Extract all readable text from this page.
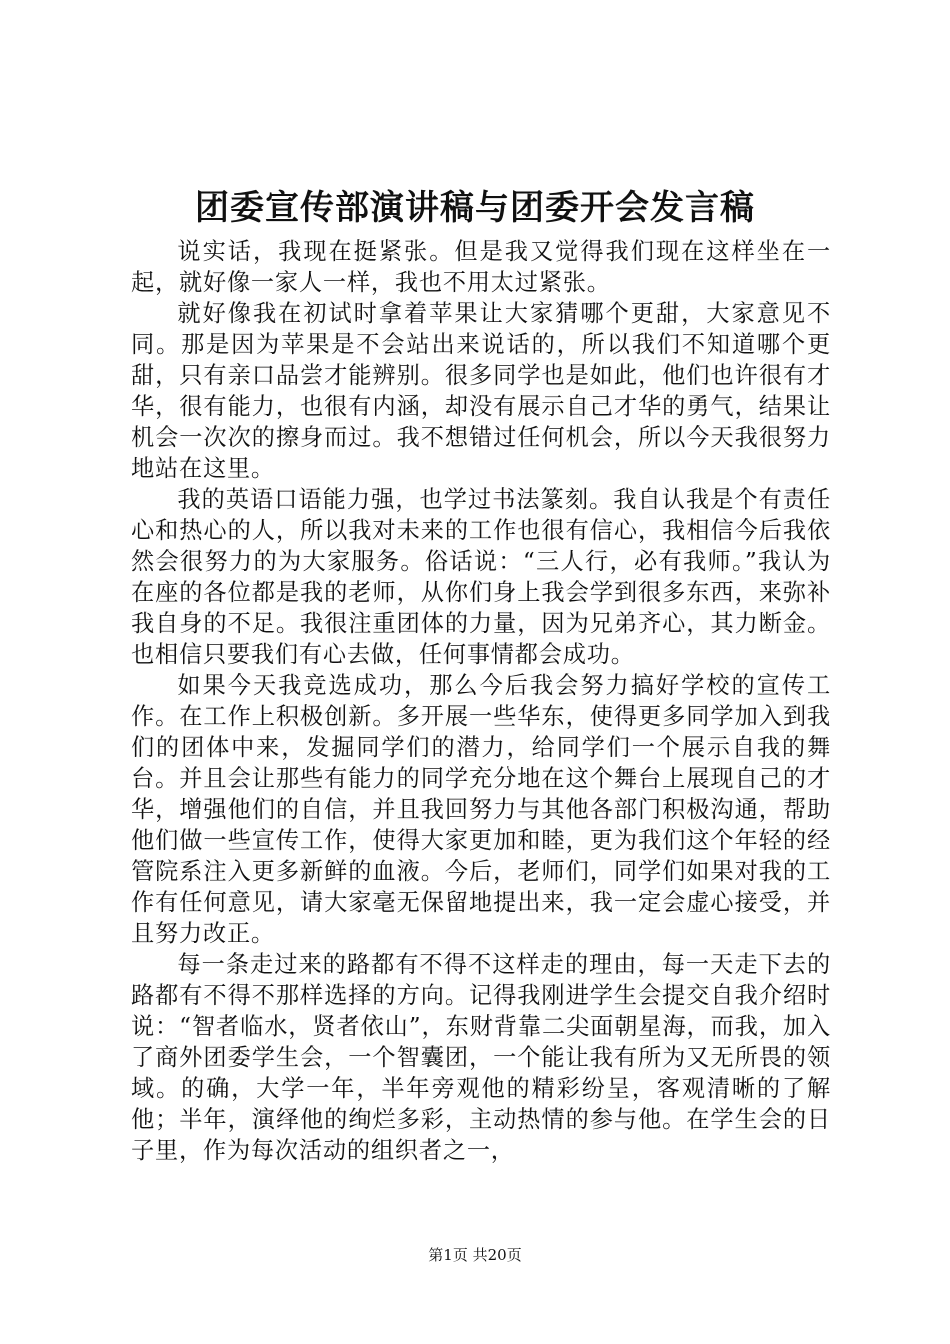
团委宣传部演讲稿与团委开会发言稿

说实话，我现在挺紧张。但是我又觉得我们现在这样坐在一起，就好像一家人一样，我也不用太过紧张。

就好像我在初试时拿着苹果让大家猜哪个更甜，大家意见不同。那是因为苹果是不会站出来说话的，所以我们不知道哪个更甜，只有亲口品尝才能辨别。很多同学也是如此，他们也许很有才华，很有能力，也很有内涵，却没有展示自己才华的勇气，结果让机会一次次的擦身而过。我不想错过任何机会，所以今天我很努力地站在这里。

我的英语口语能力强，也学过书法篆刻。我自认我是个有责任心和热心的人，所以我对未来的工作也很有信心，我相信今后我依然会很努力的为大家服务。俗话说：“三人行，必有我师。”我认为在座的各位都是我的老师，从你们身上我会学到很多东西，来弥补我自身的不足。我很注重团体的力量，因为兄弟齐心，其力断金。也相信只要我们有心去做，任何事情都会成功。

如果今天我竞选成功，那么今后我会努力搞好学校的宣传工作。在工作上积极创新。多开展一些华东，使得更多同学加入到我们的团体中来，发掘同学们的潜力，给同学们一个展示自我的舞台。并且会让那些有能力的同学充分地在这个舞台上展现自己的才华，增强他们的自信，并且我回努力与其他各部门积极沟通，帮助他们做一些宣传工作，使得大家更加和睦，更为我们这个年轻的经管院系注入更多新鲜的血液。今后，老师们，同学们如果对我的工作有任何意见，请大家毫无保留地提出来，我一定会虚心接受，并且努力改正。

每一条走过来的路都有不得不这样走的理由，每一天走下去的路都有不得不那样选择的方向。记得我刚进学生会提交自我介绍时说：“智者临水，贤者依山”，东财背靠二尖面朝星海，而我，加入了商外团委学生会，一个智囊团，一个能让我有所为又无所畏的领域。的确，大学一年，半年旁观他的精彩纷呈，客观清晰的了解他；半年，演绎他的绚烂多彩，主动热情的参与他。在学生会的日子里，作为每次活动的组织者之一，

第1页 共20页
